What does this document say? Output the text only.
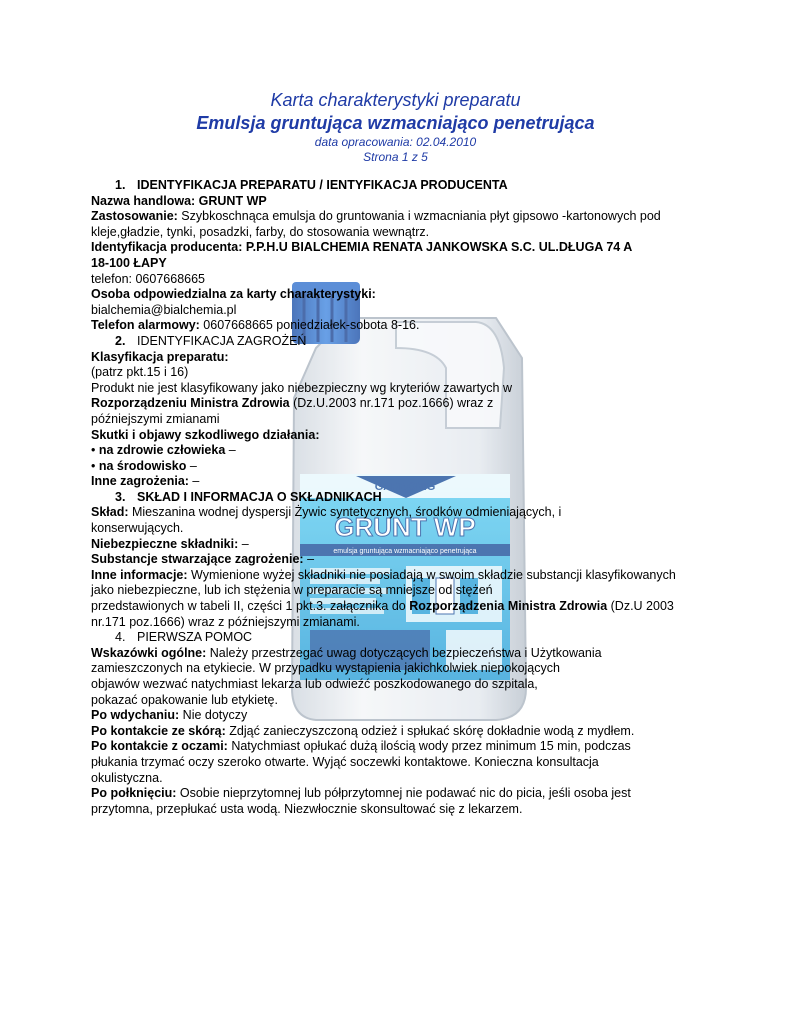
GARBONIG
GRUNT WP
emulsja gruntująca wzmacniająco penetrująca
Karta charakterystyki preparatu
Emulsja gruntująca wzmacniająco penetrująca
data opracowania: 02.04.2010
Strona 1 z 5
1. IDENTYFIKACJA PREPARATU / IENTYFIKACJA PRODUCENTA
Nazwa handlowa: GRUNT WP
Zastosowanie: Szybkoschnąca emulsja do gruntowania i wzmacniania płyt gipsowo -kartonowych pod
kleje,gładzie, tynki, posadzki, farby, do stosowania wewnątrz.
Identyfikacja producenta: P.P.H.U BIALCHEMIA RENATA JANKOWSKA S.C. UL.DŁUGA 74 A
18-100 ŁAPY
telefon: 0607668665
Osoba odpowiedzialna za karty charakterystyki:
bialchemia@bialchemia.pl
Telefon alarmowy: 0607668665 poniedziałek-sobota 8-16.
2. IDENTYFIKACJA ZAGROŻEŃ
Klasyfikacja preparatu:
(patrz pkt.15 i 16)
Produkt nie jest klasyfikowany jako niebezpieczny wg kryteriów zawartych w
Rozporządzeniu Ministra Zdrowia (Dz.U.2003 nr.171 poz.1666) wraz z
późniejszymi zmianami
Skutki i objawy szkodliwego działania:
• na zdrowie człowieka –
• na środowisko –
Inne zagrożenia: –
3. SKŁAD I INFORMACJA O SKŁADNIKACH
Skład: Mieszanina wodnej dyspersji Żywic syntetycznych, środków odmieniających, i
konserwujących.
Niebezpieczne składniki: –
Substancje stwarzające zagrożenie: –
Inne informacje: Wymienione wyżej składniki nie posiadają w swoim składzie substancji klasyfikowanych
jako niebezpieczne, lub ich stężenia w preparacie są mniejsze od stężeń
przedstawionych w tabeli II, części 1 pkt.3. załącznika do Rozporządzenia Ministra Zdrowia (Dz.U 2003
nr.171 poz.1666) wraz z późniejszymi zmianami.
4. PIERWSZA POMOC
Wskazówki ogólne: Należy przestrzegać uwag dotyczących bezpieczeństwa i Użytkowania
zamieszczonych na etykiecie. W przypadku wystąpienia jakichkolwiek niepokojących
objawów wezwać natychmiast lekarza lub odwieźć poszkodowanego do szpitala,
pokazać opakowanie lub etykietę.
Po wdychaniu: Nie dotyczy
Po kontakcie ze skórą: Zdjąć zanieczyszczoną odzież i spłukać skórę dokładnie wodą z mydłem.
Po kontakcie z oczami: Natychmiast opłukać dużą ilością wody przez minimum 15 min, podczas
płukania trzymać oczy szeroko otwarte. Wyjąć soczewki kontaktowe. Konieczna konsultacja
okulistyczna.
Po połknięciu: Osobie nieprzytomnej lub półprzytomnej nie podawać nic do picia, jeśli osoba jest
przytomna, przepłukać usta wodą. Niezwłocznie skonsultować się z lekarzem.
